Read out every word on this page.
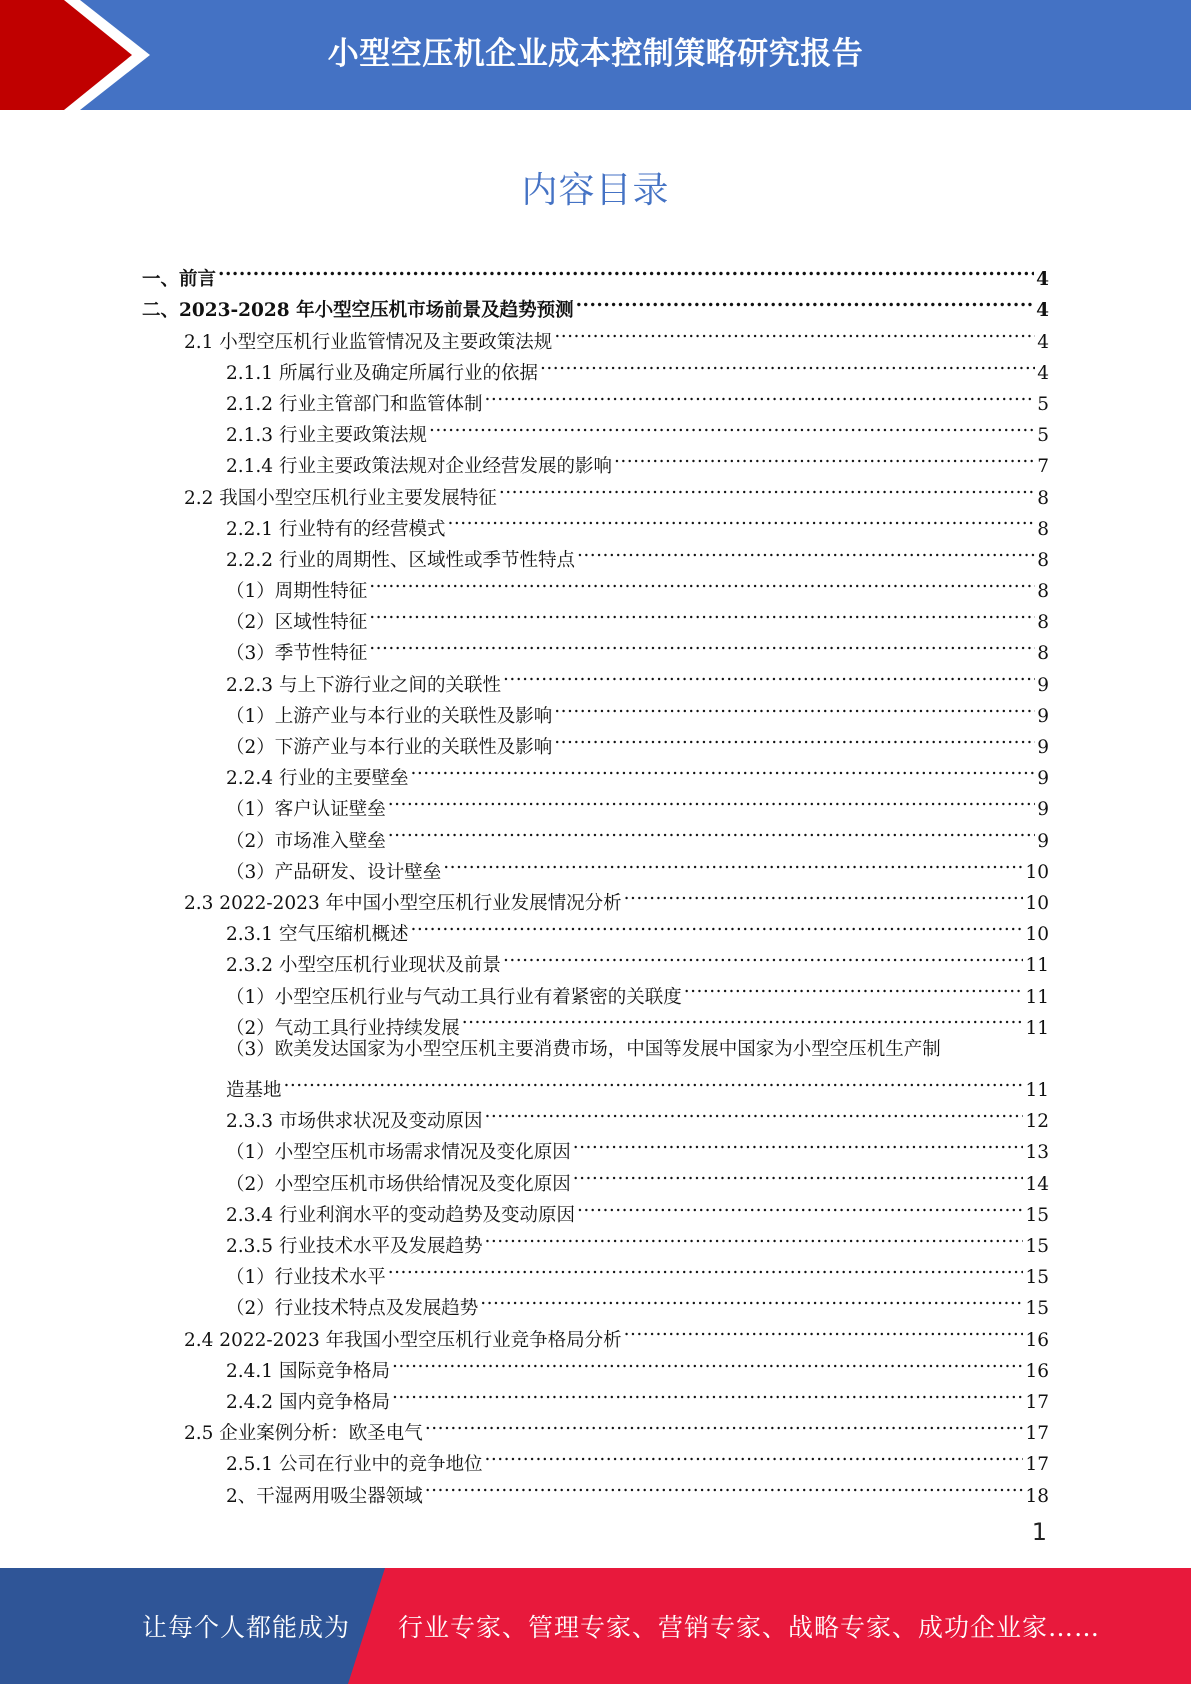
小型空压机企业成本控制策略研究报告
内容目录
一、前言 .....	4
二、2023-2028 年小型空压机市场前景及趋势预测 .....	4
2.1 小型空压机行业监管情况及主要政策法规 .....	4
2.1.1 所属行业及确定所属行业的依据 .....	4
2.1.2 行业主管部门和监管体制 .....	5
2.1.3 行业主要政策法规 .....	5
2.1.4 行业主要政策法规对企业经营发展的影响 .....	7
2.2 我国小型空压机行业主要发展特征 .....	8
2.2.1 行业特有的经营模式 .....	8
2.2.2 行业的周期性、区域性或季节性特点 .....	8
（1）周期性特征 .....	8
（2）区域性特征 .....	8
（3）季节性特征 .....	8
2.2.3 与上下游行业之间的关联性 .....	9
（1）上游产业与本行业的关联性及影响 .....	9
（2）下游产业与本行业的关联性及影响 .....	9
2.2.4 行业的主要壁垒 .....	9
（1）客户认证壁垒 .....	9
（2）市场准入壁垒 .....	9
（3）产品研发、设计壁垒 .....	10
2.3 2022-2023 年中国小型空压机行业发展情况分析 .....	10
2.3.1 空气压缩机概述 .....	10
2.3.2 小型空压机行业现状及前景 .....	11
（1）小型空压机行业与气动工具行业有着紧密的关联度 .....	11
（2）气动工具行业持续发展 .....	11
（3）欧美发达国家为小型空压机主要消费市场，中国等发展中国家为小型空压机生产制
造基地 .....	11
2.3.3 市场供求状况及变动原因 .....	12
（1）小型空压机市场需求情况及变化原因 .....	13
（2）小型空压机市场供给情况及变化原因 .....	14
2.3.4 行业利润水平的变动趋势及变动原因 .....	15
2.3.5 行业技术水平及发展趋势 .....	15
（1）行业技术水平 .....	15
（2）行业技术特点及发展趋势 .....	15
2.4 2022-2023 年我国小型空压机行业竞争格局分析 .....	16
2.4.1 国际竞争格局 .....	16
2.4.2 国内竞争格局 .....	17
2.5 企业案例分析：欧圣电气 .....	17
2.5.1 公司在行业中的竞争地位 .....	17
2、干湿两用吸尘器领域 .....	18
1
让每个人都能成为 行业专家、管理专家、营销专家、战略专家、成功企业家……
